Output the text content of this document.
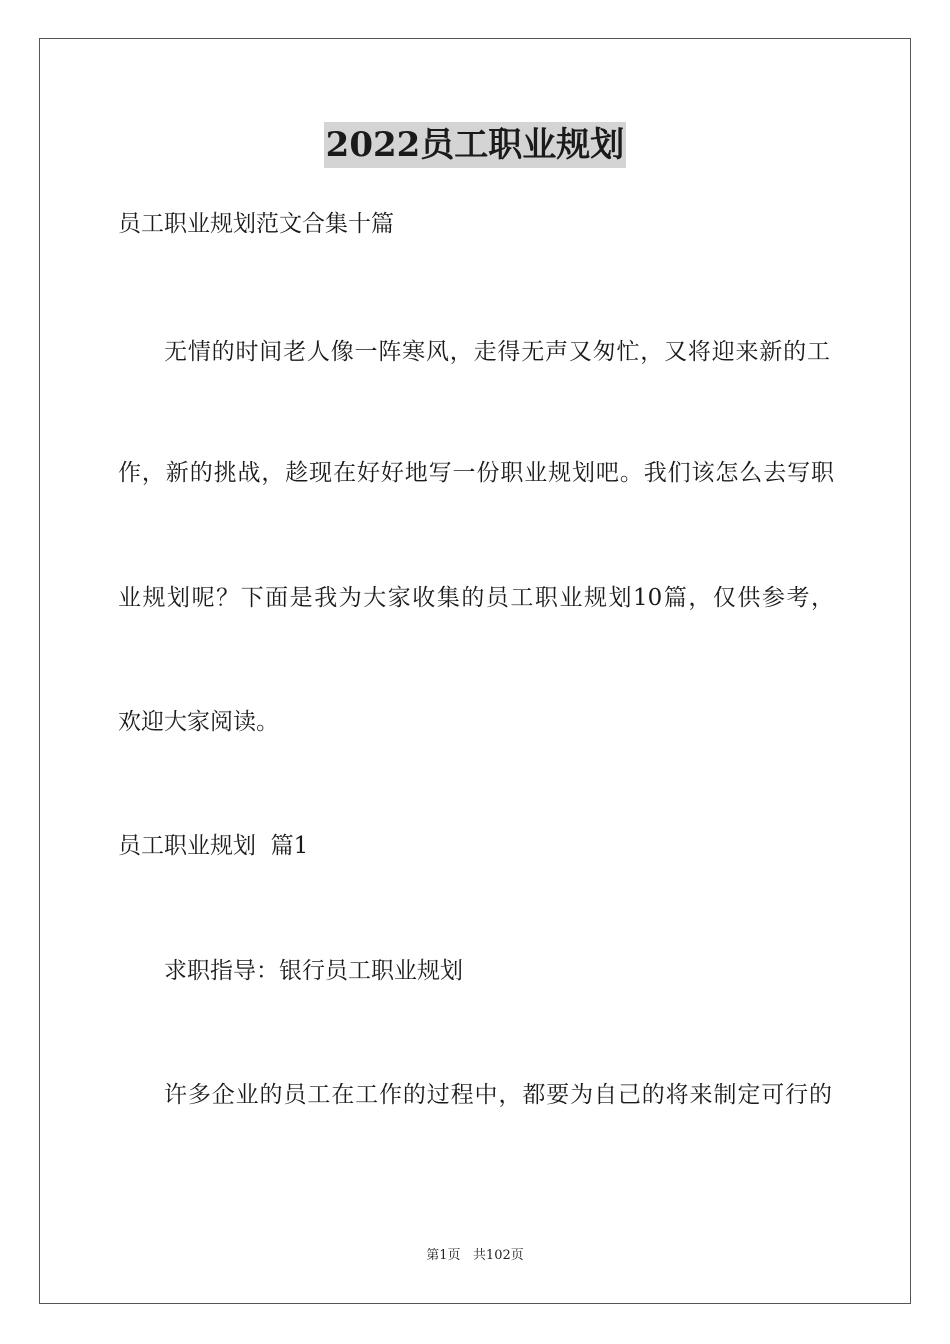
2022员工职业规划
员工职业规划范文合集十篇
无情的时间老人像一阵寒风，走得无声又匆忙，又将迎来新的工
作，新的挑战，趁现在好好地写一份职业规划吧。我们该怎么去写职
业规划呢？下面是我为大家收集的员工职业规划10篇，仅供参考，
欢迎大家阅读。
员工职业规划  篇1
求职指导：银行员工职业规划
许多企业的员工在工作的过程中，都要为自己的将来制定可行的
第1页   共102页
